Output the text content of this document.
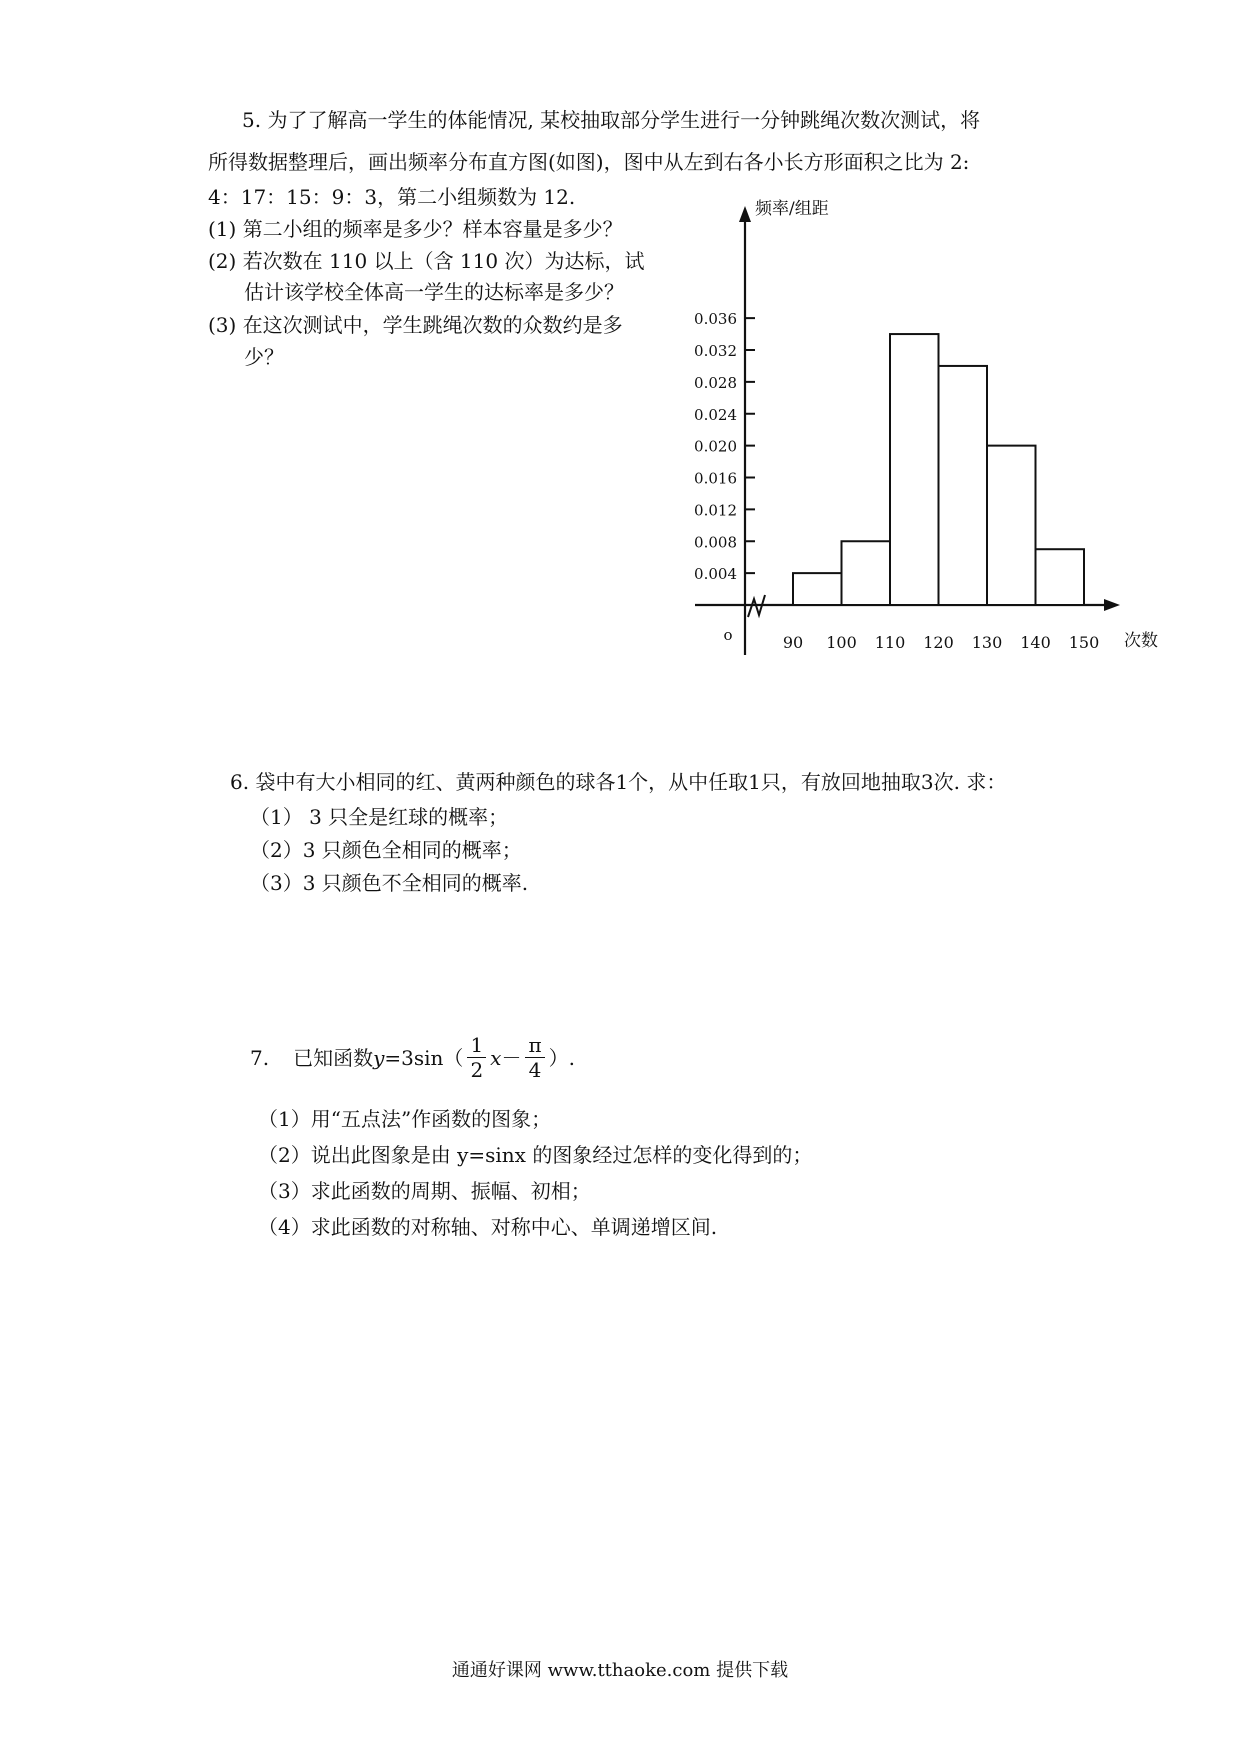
5. 为了了解高一学生的体能情况, 某校抽取部分学生进行一分钟跳绳次数次测试，将
所得数据整理后，画出频率分布直方图(如图)，图中从左到右各小长方形面积之比为 2:
4：17：15：9：3，第二小组频数为 12.
(1) 第二小组的频率是多少？样本容量是多少？
(2) 若次数在 110 以上（含 110 次）为达标，试
估计该学校全体高一学生的达标率是多少？
(3) 在这次测试中，学生跳绳次数的众数约是多
少？
0.004
0.008
0.012
0.016
0.020
0.024
0.028
0.032
0.036
90 100 110 120 130 140 150
频率/组距
次数
o
6. 袋中有大小相同的红、黄两种颜色的球各1个，从中任取1只，有放回地抽取3次. 求：
（1） 3 只全是红球的概率；
（2）3 只颜色全相同的概率；
（3）3 只颜色不全相同的概率.
7. 已知函数 $y =3\sin( \frac{1}{2}$ $x - \frac{\pi}{4}$ ）.
（1）用“五点法”作函数的图象；
（2）说出此图象是由 y=sinx 的图象经过怎样的变化得到的；
（3）求此函数的周期、振幅、初相；
（4）求此函数的对称轴、对称中心、单调递增区间.
通通好课网 www.tthaoke.com 提供下载
